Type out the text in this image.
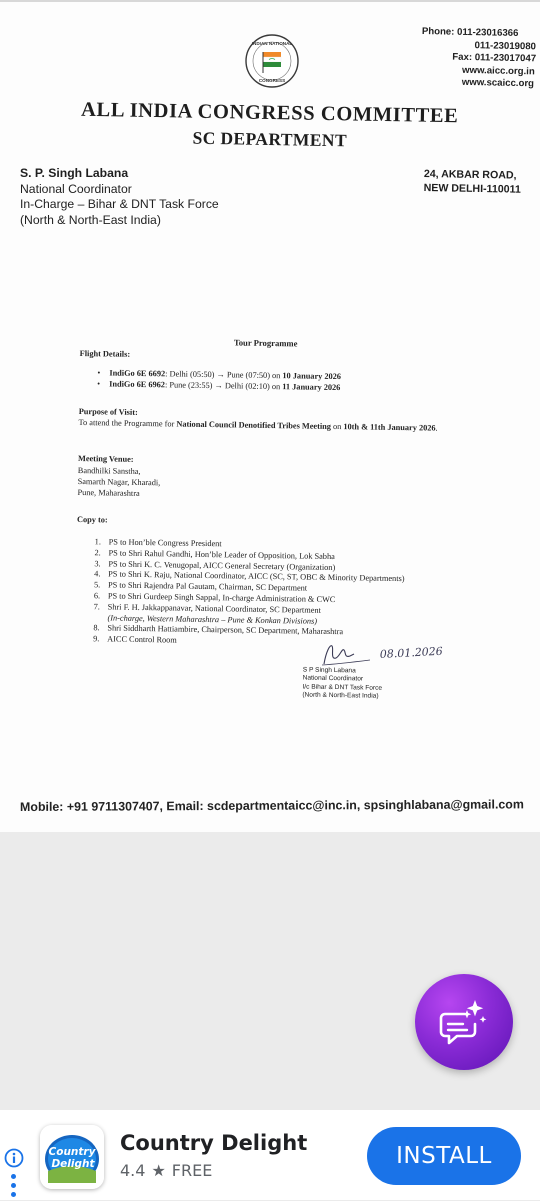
INDIAN NATIONAL
CONGRESS
Phone: 011-23016366
011-23019080
Fax: 011-23017047
www.aicc.org.in
www.scaicc.org
ALL INDIA CONGRESS COMMITTEE
SC DEPARTMENT
S. P. Singh Labana
National Coordinator
In-Charge – Bihar & DNT Task Force
(North & North-East India)
24, AKBAR ROAD,
NEW DELHI-110011
Tour Programme
Flight Details:
• IndiGo 6E 6692: Delhi (05:50) → Pune (07:50) on 10 January 2026
• IndiGo 6E 6962: Pune (23:55) → Delhi (02:10) on 11 January 2026
Purpose of Visit:
To attend the Programme for National Council Denotified Tribes Meeting on 10th & 11th January 2026.
Meeting Venue:
Bandhilki Sanstha,
Samarth Nagar, Kharadi,
Pune, Maharashtra
Copy to:
1. PS to Hon’ble Congress President
2. PS to Shri Rahul Gandhi, Hon’ble Leader of Opposition, Lok Sabha
3. PS to Shri K. C. Venugopal, AICC General Secretary (Organization)
4. PS to Shri K. Raju, National Coordinator, AICC (SC, ST, OBC & Minority Departments)
5. PS to Shri Rajendra Pal Gautam, Chairman, SC Department
6. PS to Shri Gurdeep Singh Sappal, In-charge Administration & CWC
7. Shri F. H. Jakkappanavar, National Coordinator, SC Department
(In-charge, Western Maharashtra – Pune & Konkan Divisions)
8. Shri Siddharth Hattiambire, Chairperson, SC Department, Maharashtra
9. AICC Control Room
S P Singh Labana
National Coordinator
I/c Bihar & DNT Task Force
(North & North-East India)
08.01.2026
Mobile: +91 9711307407, Email: scdepartmentaicc@inc.in, spsinghlabana@gmail.com
Country
Delight
Country Delight
4.4 ★ FREE
INSTALL
